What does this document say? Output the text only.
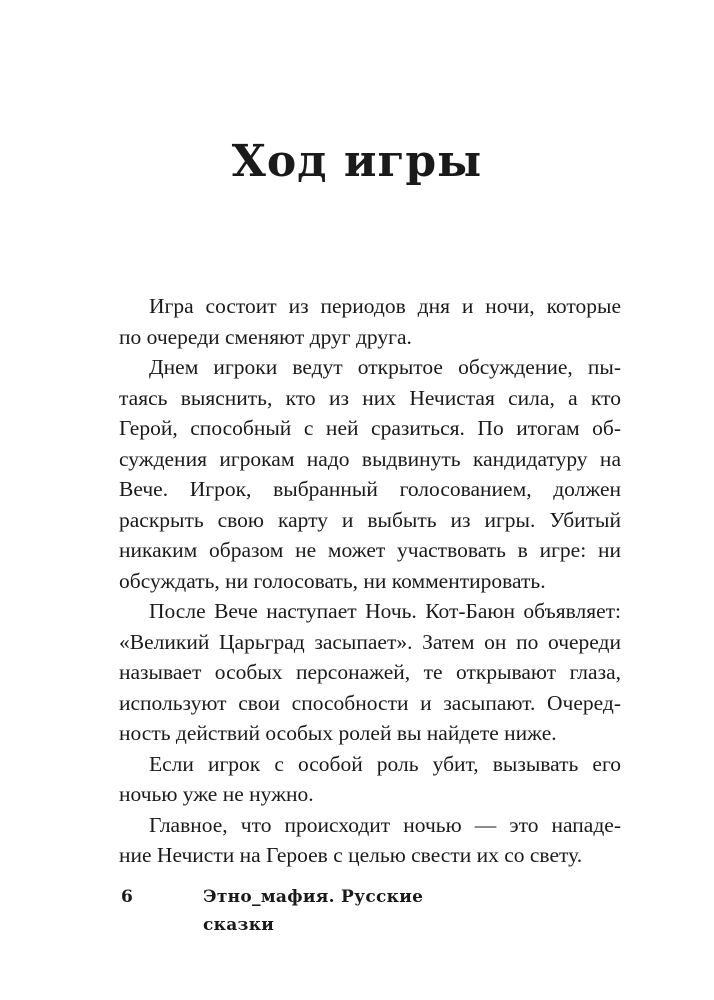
Ход игры
Игра состоит из периодов дня и ночи, которые
по очереди сменяют друг друга.
Днем игроки ведут открытое обсуждение, пы-
таясь выяснить, кто из них Нечистая сила, а кто
Герой, способный с ней сразиться. По итогам об-
суждения игрокам надо выдвинуть кандидатуру на
Вече. Игрок, выбранный голосованием, должен
раскрыть свою карту и выбыть из игры. Убитый
никаким образом не может участвовать в игре: ни
обсуждать, ни голосовать, ни комментировать.
После Вече наступает Ночь. Кот-Баюн объявляет:
«Великий Царьград засыпает». Затем он по очереди
называет особых персонажей, те открывают глаза,
используют свои способности и засыпают. Очеред-
ность действий особых ролей вы найдете ниже.
Если игрок с особой роль убит, вызывать его
ночью уже не нужно.
Главное, что происходит ночью — это нападе-
ние Нечисти на Героев с целью свести их со свету.
6	Этно_мафия. Русские сказки
